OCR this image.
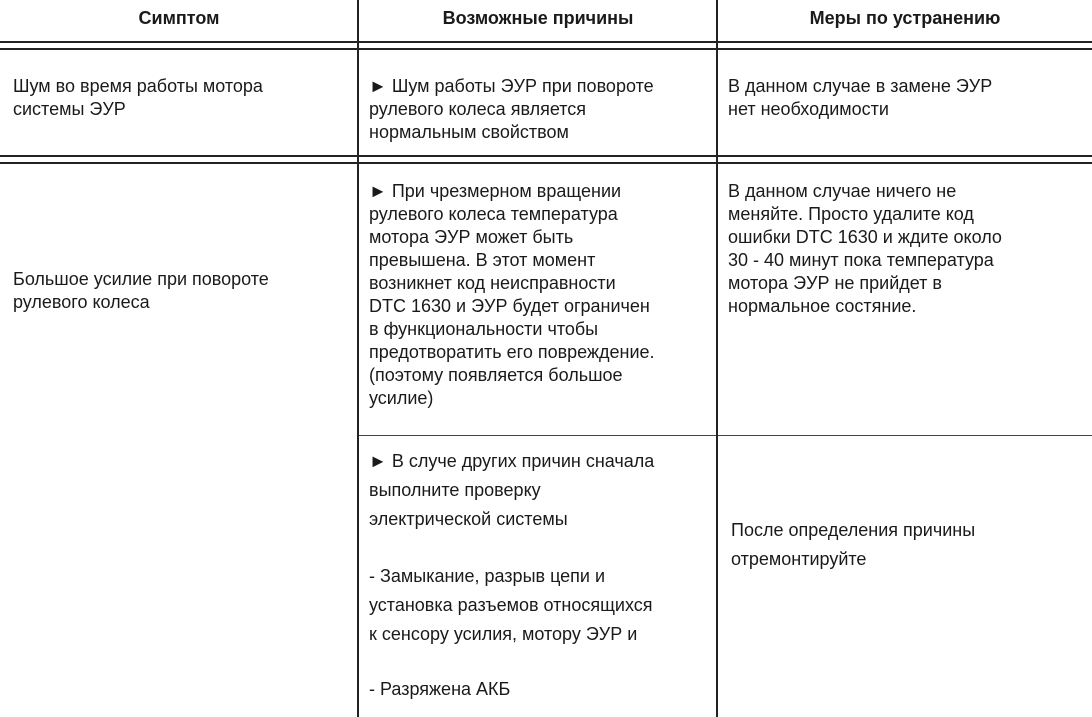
Симптом	Возможные причины	Меры по устранению

Шум во время работы мотора

системы ЭУР

► Шум работы ЭУР при повороте

рулевого колеса является

нормальным свойством

В данном случае в замене ЭУР

нет необходимости

Большое усилие при повороте

рулевого колеса

► При чрезмерном вращении

рулевого колеса температура

мотора ЭУР может быть

превышена. В этот момент

возникнет код неисправности

DTC 1630 и ЭУР будет ограничен

в функциональности чтобы

предотворатить его повреждение.

(поэтому появляется большое

усилие)

В данном случае ничего не

меняйте. Просто удалите код

ошибки DTC 1630 и ждите около

30 - 40 минут пока температура

мотора ЭУР не прийдет в

нормальное состяние.

► В случе других причин сначала

выполните проверку

электрической системы

- Замыкание, разрыв цепи и

установка разъемов относящихся

к сенсору усилия, мотору ЭУР и

- Разряжена АКБ

После определения причины

отремонтируйте
